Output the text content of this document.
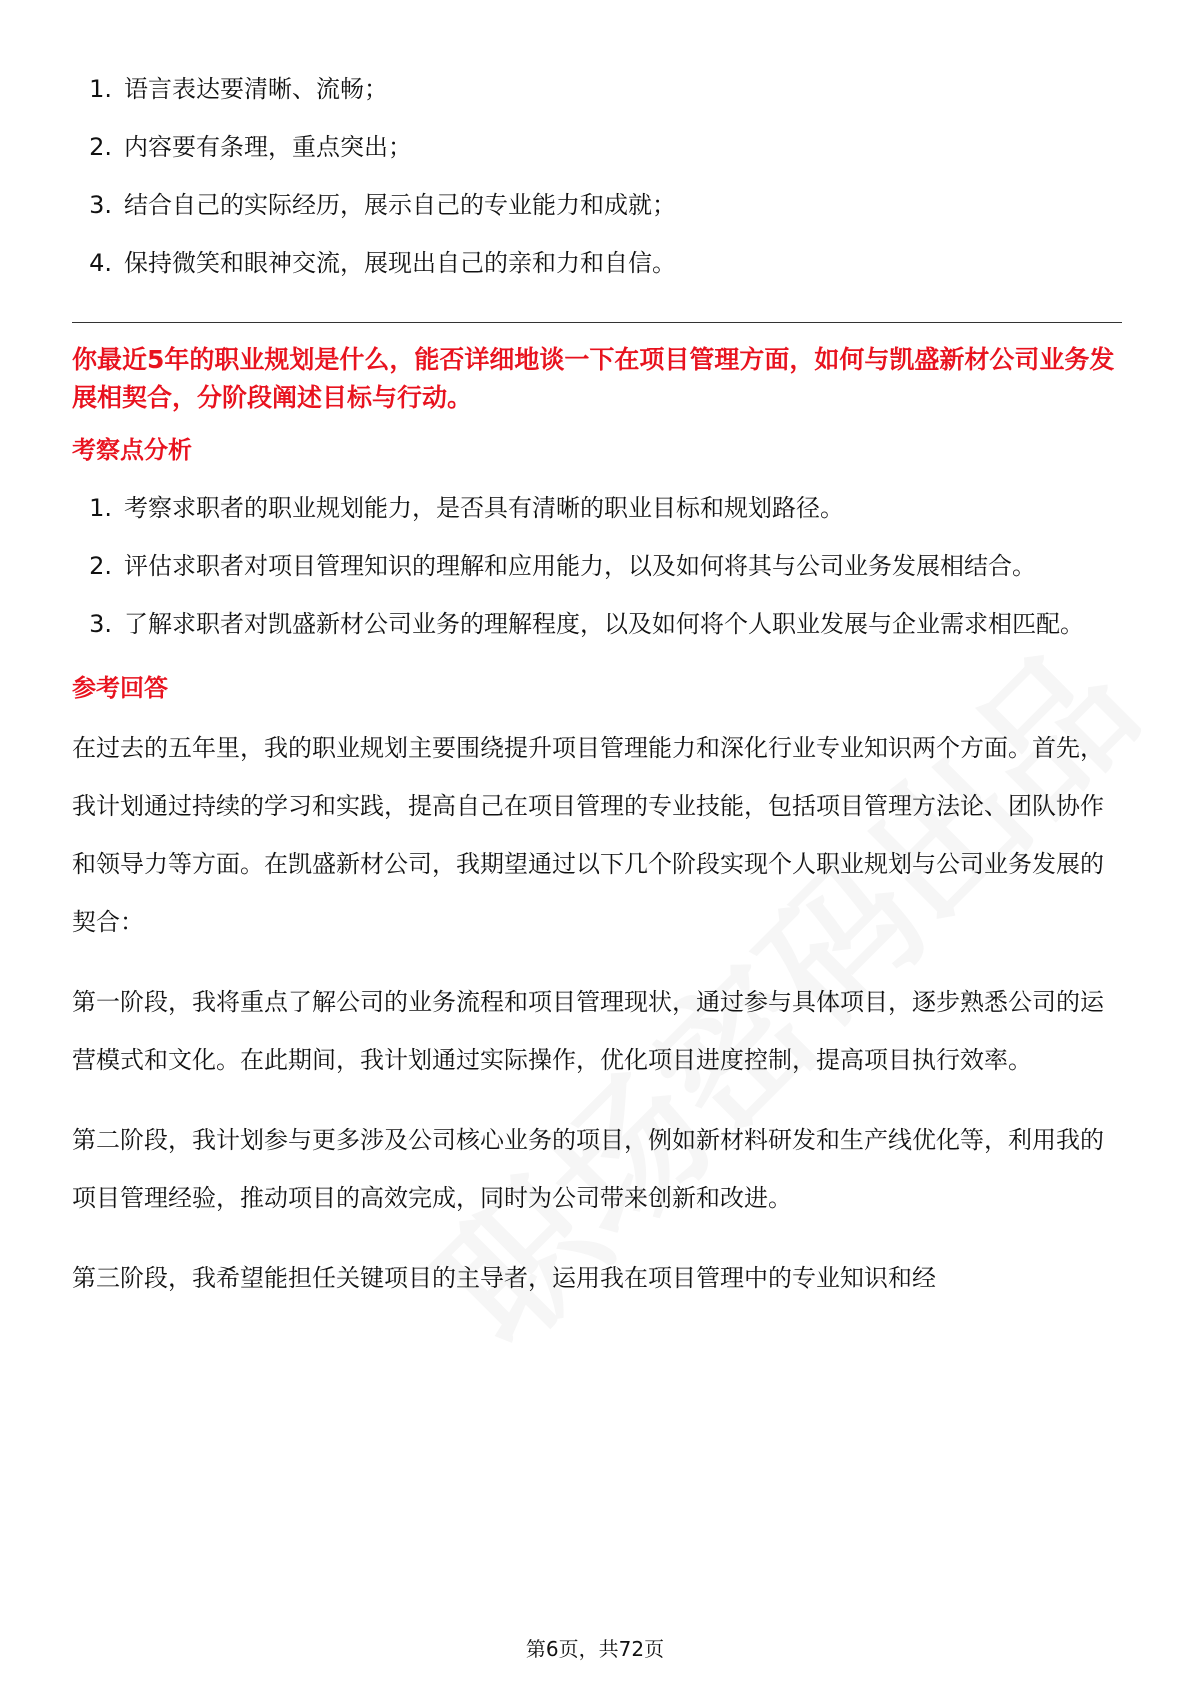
1. 语言表达要清晰、流畅；
2. 内容要有条理，重点突出；
3. 结合自己的实际经历，展示自己的专业能力和成就；
4. 保持微笑和眼神交流，展现出自己的亲和力和自信。

你最近5年的职业规划是什么，能否详细地谈一下在项目管理方面，如何与凯盛新材公司业务发展相契合，分阶段阐述目标与行动。

考察点分析
1. 考察求职者的职业规划能力，是否具有清晰的职业目标和规划路径。
2. 评估求职者对项目管理知识的理解和应用能力，以及如何将其与公司业务发展相结合。
3. 了解求职者对凯盛新材公司业务的理解程度，以及如何将个人职业发展与企业需求相匹配。
参考回答

在过去的五年里，我的职业规划主要围绕提升项目管理能力和深化行业专业知识两个方面。首先，我计划通过持续的学习和实践，提高自己在项目管理的专业技能，包括项目管理方法论、团队协作和领导力等方面。在凯盛新材公司，我期望通过以下几个阶段实现个人职业规划与公司业务发展的契合：

第一阶段，我将重点了解公司的业务流程和项目管理现状，通过参与具体项目，逐步熟悉公司的运营模式和文化。在此期间，我计划通过实际操作，优化项目进度控制，提高项目执行效率。

第二阶段，我计划参与更多涉及公司核心业务的项目，例如新材料研发和生产线优化等，利用我的项目管理经验，推动项目的高效完成，同时为公司带来创新和改进。

第三阶段，我希望能担任关键项目的主导者，运用我在项目管理中的专业知识和经

第6页，共72页
